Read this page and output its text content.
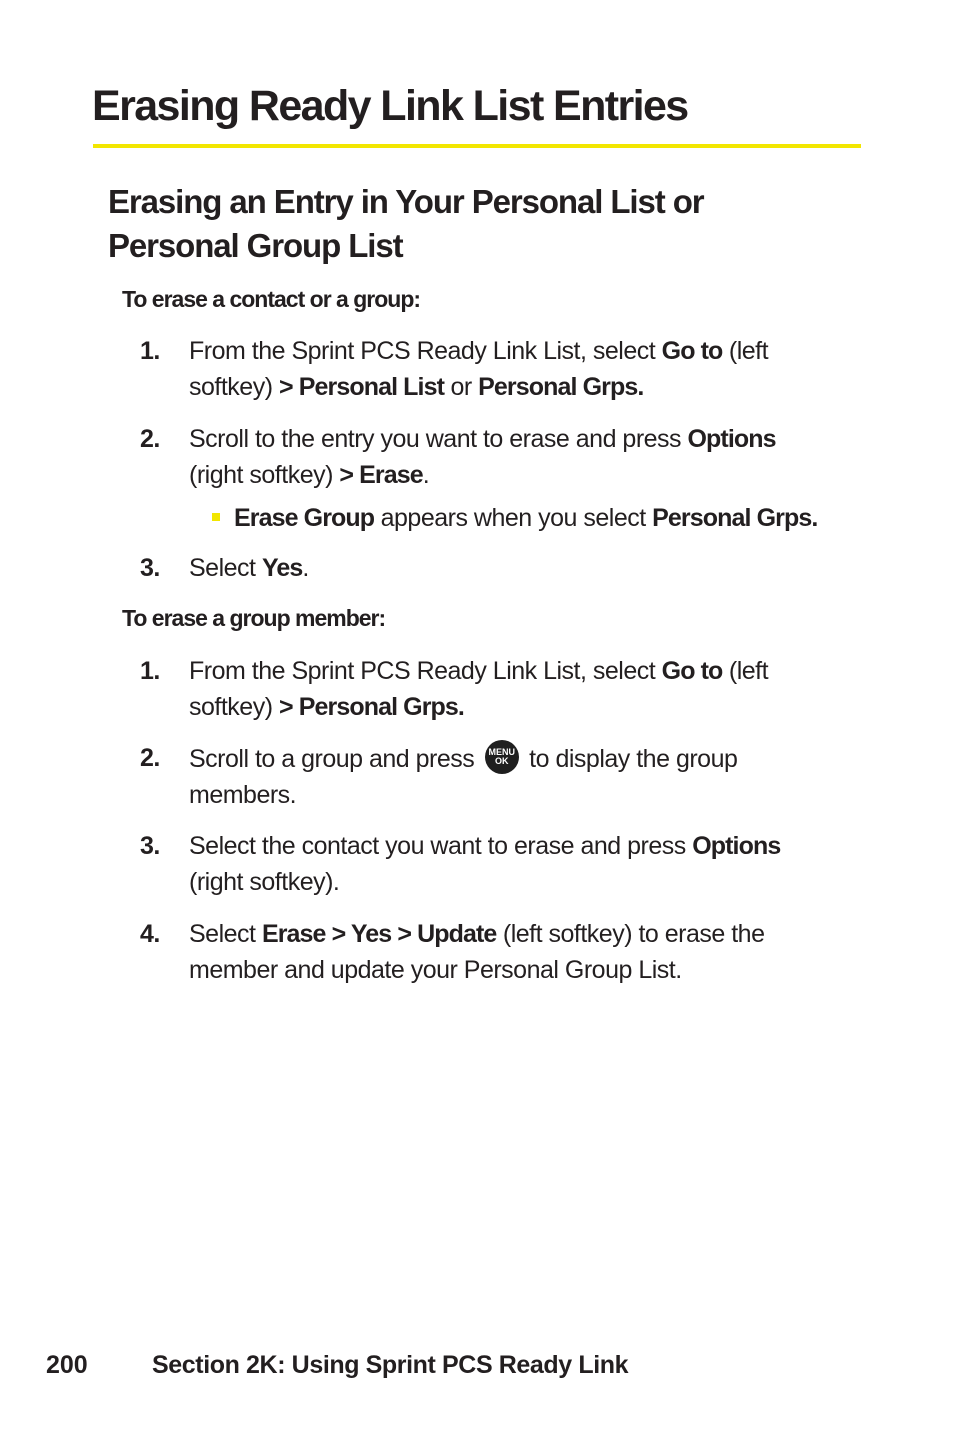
Erasing Ready Link List Entries
Erasing an Entry in Your Personal List or Personal Group List

To erase a contact or a group:

1. From the Sprint PCS Ready Link List, select Go to (left
softkey) > Personal List or Personal Grps.
2. Scroll to the entry you want to erase and press Options
(right softkey) > Erase.
Erase Group appears when you select Personal Grps.
3. Select Yes.

To erase a group member:

1. From the Sprint PCS Ready Link List, select Go to (left
softkey) > Personal Grps.
2. Scroll to a group and press MENU
OK to display the group
members.
3. Select the contact you want to erase and press Options
(right softkey).
4. Select Erase > Yes > Update (left softkey) to erase the
member and update your Personal Group List.
200	Section 2K: Using Sprint PCS Ready Link
